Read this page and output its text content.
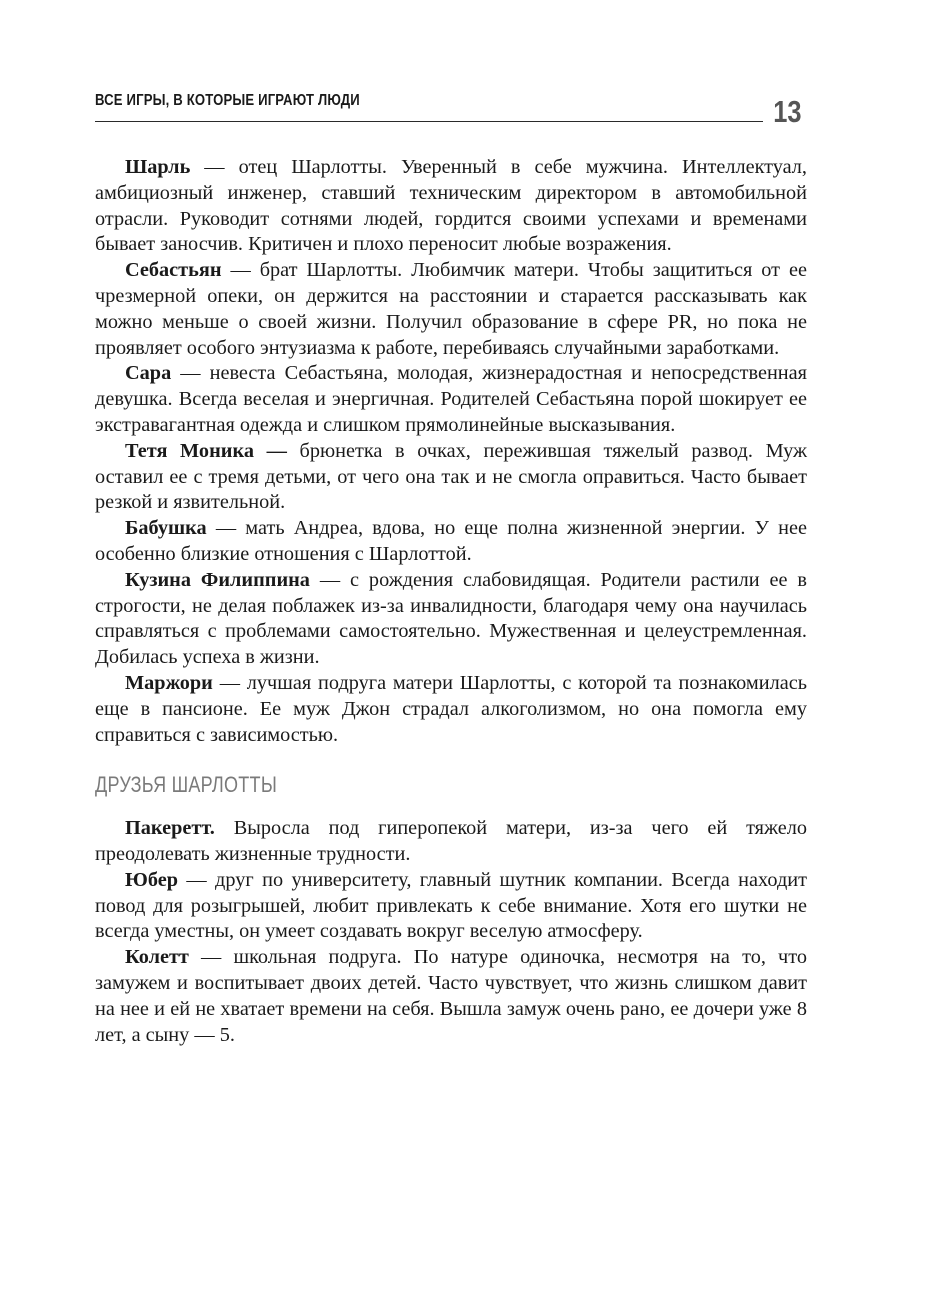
ВСЕ ИГРЫ, В КОТОРЫЕ ИГРАЮТ ЛЮДИ	13

Шарль — отец Шарлотты. Уверенный в себе мужчина. Интеллектуал, амбициозный инженер, ставший техническим директором в автомобильной отрасли. Руководит сотнями людей, гордится своими успехами и временами бывает заносчив. Критичен и плохо переносит любые возражения.

Себастьян — брат Шарлотты. Любимчик матери. Чтобы защититься от ее чрезмерной опеки, он держится на расстоянии и старается рассказывать как можно меньше о своей жизни. Получил образование в сфере PR, но пока не проявляет особого энтузиазма к работе, перебиваясь случайными заработками.

Сара — невеста Себастьяна, молодая, жизнерадостная и непосредственная девушка. Всегда веселая и энергичная. Родителей Себастьяна порой шокирует ее экстравагантная одежда и слишком прямолинейные высказывания.

Тетя Моника — брюнетка в очках, пережившая тяжелый развод. Муж оставил ее с тремя детьми, от чего она так и не смогла оправиться. Часто бывает резкой и язвительной.

Бабушка — мать Андреа, вдова, но еще полна жизненной энергии. У нее особенно близкие отношения с Шарлоттой.

Кузина Филиппина — с рождения слабовидящая. Родители растили ее в строгости, не делая поблажек из-за инвалидности, благодаря чему она научилась справляться с проблемами самостоятельно. Мужественная и целеустремленная. Добилась успеха в жизни.

Маржори — лучшая подруга матери Шарлотты, с которой та познакомилась еще в пансионе. Ее муж Джон страдал алкоголизмом, но она помогла ему справиться с зависимостью.

ДРУЗЬЯ ШАРЛОТТЫ

Пакеретт. Выросла под гиперопекой матери, из-за чего ей тяжело преодолевать жизненные трудности.

Юбер — друг по университету, главный шутник компании. Всегда находит повод для розыгрышей, любит привлекать к себе внимание. Хотя его шутки не всегда уместны, он умеет создавать вокруг веселую атмосферу.

Колетт — школьная подруга. По натуре одиночка, несмотря на то, что замужем и воспитывает двоих детей. Часто чувствует, что жизнь слишком давит на нее и ей не хватает времени на себя. Вышла замуж очень рано, ее дочери уже 8 лет, а сыну — 5.
